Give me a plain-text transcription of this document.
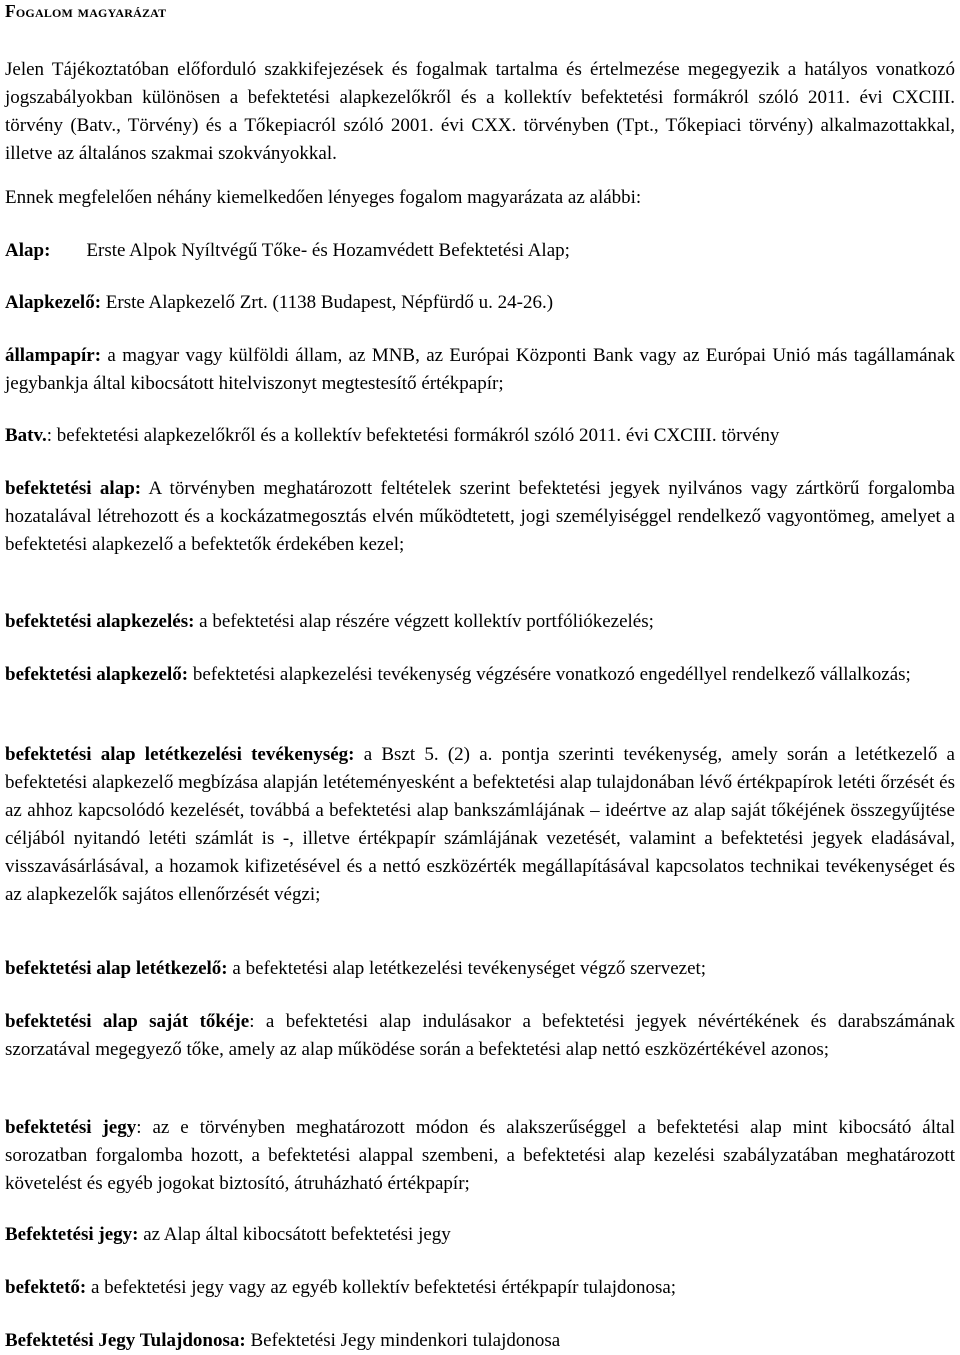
Fogalom magyarázat
Jelen Tájékoztatóban előforduló szakkifejezések és fogalmak tartalma és értelmezése megegyezik a hatályos vonatkozó jogszabályokban különösen a befektetési alapkezelőkről és a kollektív befektetési formákról szóló 2011. évi CXCIII. törvény (Batv., Törvény) és a Tőkepiacról szóló 2001. évi CXX. törvényben (Tpt., Tőkepiaci törvény) alkalmazottakkal, illetve az általános szakmai szokványokkal.
Ennek megfelelően néhány kiemelkedően lényeges fogalom magyarázata az alábbi:
Alap: Erste Alpok Nyíltvégű Tőke- és Hozamvédett Befektetési Alap;
Alapkezelő: Erste Alapkezelő Zrt. (1138 Budapest, Népfürdő u. 24-26.)
állampapír: a magyar vagy külföldi állam, az MNB, az Európai Központi Bank vagy az Európai Unió más tagállamának jegybankja által kibocsátott hitelviszonyt megtestesítő értékpapír;
Batv.: befektetési alapkezelőkről és a kollektív befektetési formákról szóló 2011. évi CXCIII. törvény
befektetési alap: A törvényben meghatározott feltételek szerint befektetési jegyek nyilvános vagy zártkörű forgalomba hozatalával létrehozott és a kockázatmegosztás elvén működtetett, jogi személyiséggel rendelkező vagyontömeg, amelyet a befektetési alapkezelő a befektetők érdekében kezel;
befektetési alapkezelés: a befektetési alap részére végzett kollektív portfóliókezelés;
befektetési alapkezelő: befektetési alapkezelési tevékenység végzésére vonatkozó engedéllyel rendelkező vállalkozás;
befektetési alap letétkezelési tevékenység: a Bszt 5. (2) a. pontja szerinti tevékenység, amely során a letétkezelő a befektetési alapkezelő megbízása alapján letéteményesként a befektetési alap tulajdonában lévő értékpapírok letéti őrzését és az ahhoz kapcsolódó kezelését, továbbá a befektetési alap bankszámlájának – ideértve az alap saját tőkéjének összegyűjtése céljából nyitandó letéti számlát is -, illetve értékpapír számlájának vezetését, valamint a befektetési jegyek eladásával, visszavásárlásával, a hozamok kifizetésével és a nettó eszközérték megállapításával kapcsolatos technikai tevékenységet és az alapkezelők sajátos ellenőrzését végzi;
befektetési alap letétkezelő: a befektetési alap letétkezelési tevékenységet végző szervezet;
befektetési alap saját tőkéje: a befektetési alap indulásakor a befektetési jegyek névértékének és darabszámának szorzatával megegyező tőke, amely az alap működése során a befektetési alap nettó eszközértékével azonos;
befektetési jegy: az e törvényben meghatározott módon és alakszerűséggel a befektetési alap mint kibocsátó által sorozatban forgalomba hozott, a befektetési alappal szembeni, a befektetési alap kezelési szabályzatában meghatározott követelést és egyéb jogokat biztosító, átruházható értékpapír;
Befektetési jegy: az Alap által kibocsátott befektetési jegy
befektető: a befektetési jegy vagy az egyéb kollektív befektetési értékpapír tulajdonosa;
Befektetési Jegy Tulajdonosa: Befektetési Jegy mindenkori tulajdonosa
